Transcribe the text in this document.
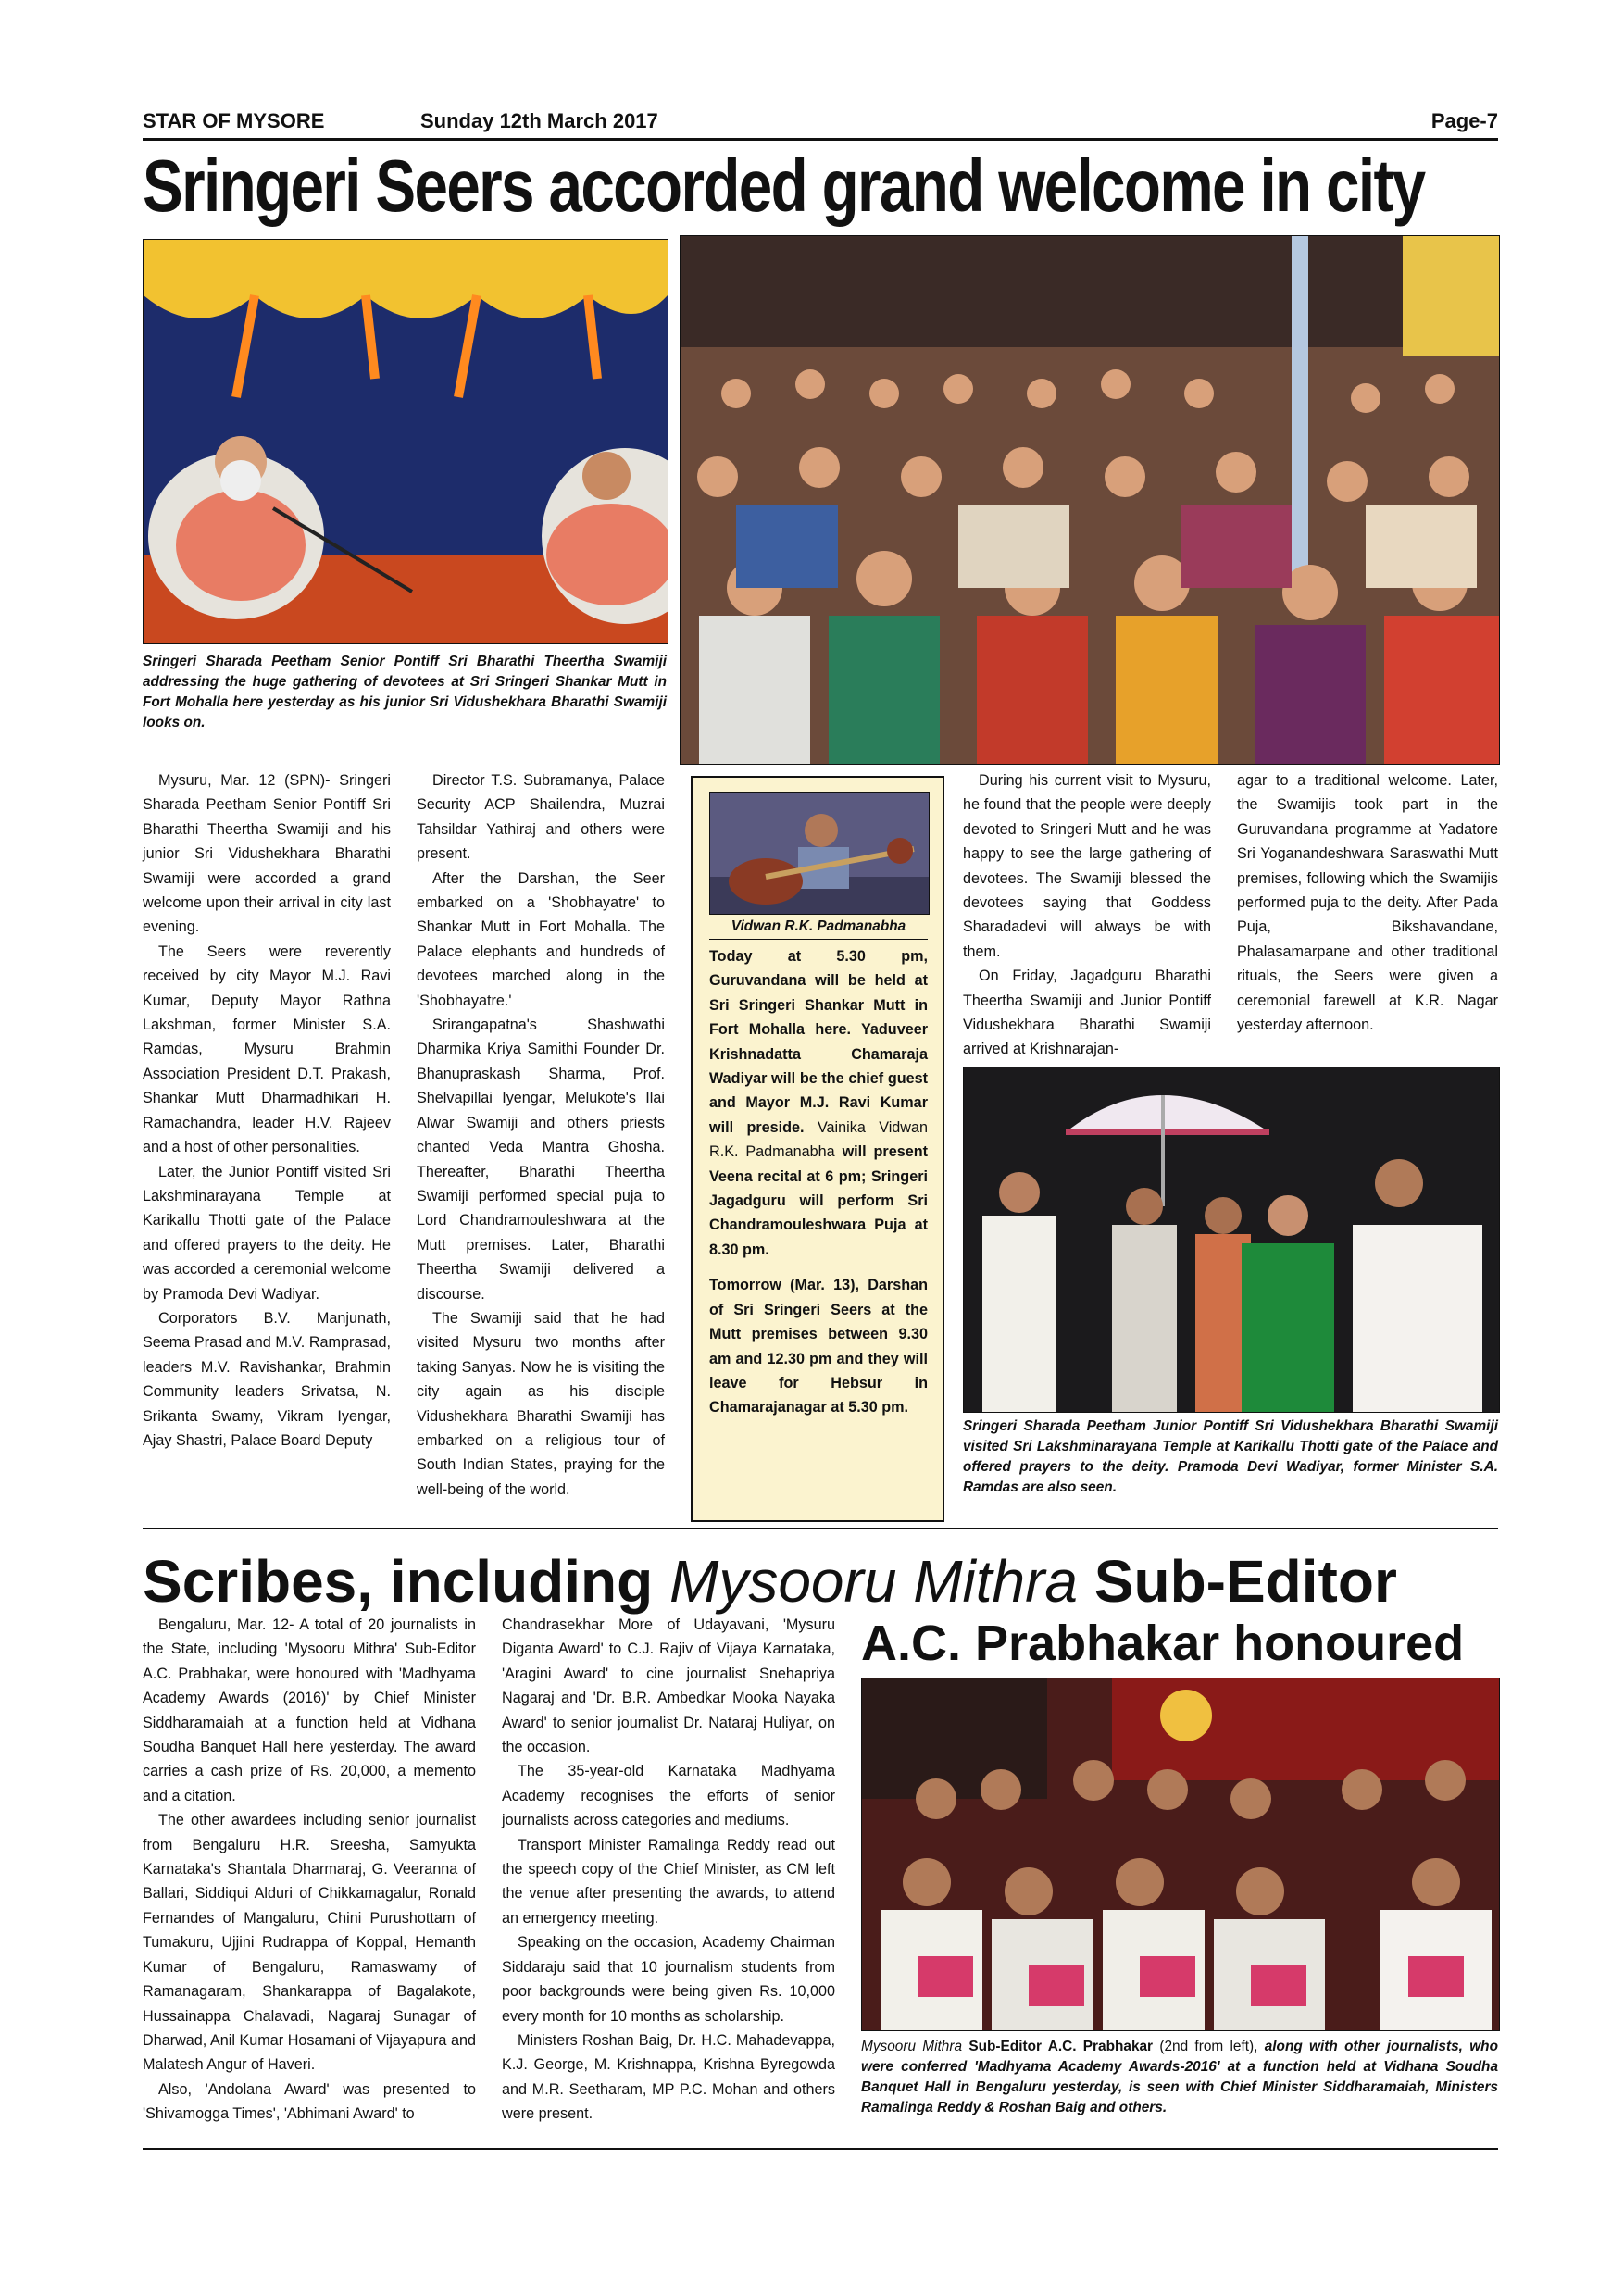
STAR OF MYSORE	Sunday 12th March 2017	Page-7
Sringeri Seers accorded grand welcome in city
Sringeri Sharada Peetham Senior Pontiff Sri Bharathi Theertha Swamiji addressing the huge gathering of devotees at Sri Sringeri Shankar Mutt in Fort Mohalla here yesterday as his junior Sri Vidushekhara Bharathi Swamiji looks on.

Mysuru, Mar. 12 (SPN)- Sringeri Sharada Peetham Senior Pontiff Sri Bharathi Theertha Swamiji and his junior Sri Vidushekhara Bharathi Swamiji were accorded a grand welcome upon their arrival in city last evening.

The Seers were reverently received by city Mayor M.J. Ravi Kumar, Deputy Mayor Rathna Lakshman, former Minister S.A. Ramdas, Mysuru Brahmin Association President D.T. Prakash, Shankar Mutt Dharmadhikari H. Ramachandra, leader H.V. Rajeev and a host of other personalities.

Later, the Junior Pontiff visited Sri Lakshminarayana Temple at Karikallu Thotti gate of the Palace and offered prayers to the deity. He was accorded a ceremonial welcome by Pramoda Devi Wadiyar.

Corporators B.V. Manjunath, Seema Prasad and M.V. Ramprasad, leaders M.V. Ravishankar, Brahmin Community leaders Srivatsa, N. Srikanta Swamy, Vikram Iyengar, Ajay Shastri, Palace Board Deputy

Director T.S. Subramanya, Palace Security ACP Shailendra, Muzrai Tahsildar Yathiraj and others were present.

After the Darshan, the Seer embarked on a 'Shobhayatre' to Shankar Mutt in Fort Mohalla. The Palace elephants and hundreds of devotees marched along in the 'Shobhayatre.'

Srirangapatna's Shashwathi Dharmika Kriya Samithi Founder Dr. Bhanupraskash Sharma, Prof. Shelvapillai Iyengar, Melukote's Ilai Alwar Swamiji and others priests chanted Veda Mantra Ghosha. Thereafter, Bharathi Theertha Swamiji performed special puja to Lord Chandramouleshwara at the Mutt premises. Later, Bharathi Theertha Swamiji delivered a discourse.

The Swamiji said that he had visited Mysuru two months after taking Sanyas. Now he is visiting the city again as his disciple Vidushekhara Bharathi Swamiji has embarked on a religious tour of South Indian States, praying for the well-being of the world.

Vidwan R.K. Padmanabha

Today at 5.30 pm, Guruvandana will be held at Sri Sringeri Shankar Mutt in Fort Mohalla here. Yaduveer Krishnadatta Chamaraja Wadiyar will be the chief guest and Mayor M.J. Ravi Kumar will preside. Vainika Vidwan R.K. Padmanabha will present Veena recital at 6 pm; Sringeri Jagadguru will perform Sri Chandramouleshwara Puja at 8.30 pm.

Tomorrow (Mar. 13), Darshan of Sri Sringeri Seers at the Mutt premises between 9.30 am and 12.30 pm and they will leave for Hebsur in Chamarajanagar at 5.30 pm.

During his current visit to Mysuru, he found that the people were deeply devoted to Sringeri Mutt and he was happy to see the large gathering of devotees. The Swamiji blessed the devotees saying that Goddess Sharadadevi will always be with them.

On Friday, Jagadguru Bharathi Theertha Swamiji and Junior Pontiff Vidushekhara Bharathi Swamiji arrived at Krishnarajan-

agar to a traditional welcome. Later, the Swamijis took part in the Guruvandana programme at Yadatore Sri Yoganandeshwara Saraswathi Mutt premises, following which the Swamijis performed puja to the deity. After Pada Puja, Bikshavandane, Phalasamarpane and other traditional rituals, the Seers were given a ceremonial farewell at K.R. Nagar yesterday afternoon.

Sringeri Sharada Peetham Junior Pontiff Sri Vidushekhara Bharathi Swamiji visited Sri Lakshminarayana Temple at Karikallu Thotti gate of the Palace and offered prayers to the deity. Pramoda Devi Wadiyar, former Minister S.A. Ramdas are also seen.
Scribes, including Mysooru Mithra Sub-Editor
A.C. Prabhakar honoured

Bengaluru, Mar. 12- A total of 20 journalists in the State, including 'Mysooru Mithra' Sub-Editor A.C. Prabhakar, were honoured with 'Madhyama Academy Awards (2016)' by Chief Minister Siddharamaiah at a function held at Vidhana Soudha Banquet Hall here yesterday. The award carries a cash prize of Rs. 20,000, a memento and a citation.

The other awardees including senior journalist from Bengaluru H.R. Sreesha, Samyukta Karnataka's Shantala Dharmaraj, G. Veeranna of Ballari, Siddiqui Alduri of Chikkamagalur, Ronald Fernandes of Mangaluru, Chini Purushottam of Tumakuru, Ujjini Rudrappa of Koppal, Hemanth Kumar of Bengaluru, Ramaswamy of Ramanagaram, Shankarappa of Bagalakote, Hussainappa Chalavadi, Nagaraj Sunagar of Dharwad, Anil Kumar Hosamani of Vijayapura and Malatesh Angur of Haveri.

Also, 'Andolana Award' was presented to 'Shivamogga Times', 'Abhimani Award' to

Chandrasekhar More of Udayavani, 'Mysuru Diganta Award' to C.J. Rajiv of Vijaya Karnataka, 'Aragini Award' to cine journalist Snehapriya Nagaraj and 'Dr. B.R. Ambedkar Mooka Nayaka Award' to senior journalist Dr. Nataraj Huliyar, on the occasion.

The 35-year-old Karnataka Madhyama Academy recognises the efforts of senior journalists across categories and mediums.

Transport Minister Ramalinga Reddy read out the speech copy of the Chief Minister, as CM left the venue after presenting the awards, to attend an emergency meeting.

Speaking on the occasion, Academy Chairman Siddaraju said that 10 journalism students from poor backgrounds were being given Rs. 10,000 every month for 10 months as scholarship.

Ministers Roshan Baig, Dr. H.C. Mahadevappa, K.J. George, M. Krishnappa, Krishna Byregowda and M.R. Seetharam, MP P.C. Mohan and others were present.

Mysooru Mithra Sub-Editor A.C. Prabhakar (2nd from left), along with other journalists, who were conferred 'Madhyama Academy Awards-2016' at a function held at Vidhana Soudha Banquet Hall in Bengaluru yesterday, is seen with Chief Minister Siddharamaiah, Ministers Ramalinga Reddy & Roshan Baig and others.
